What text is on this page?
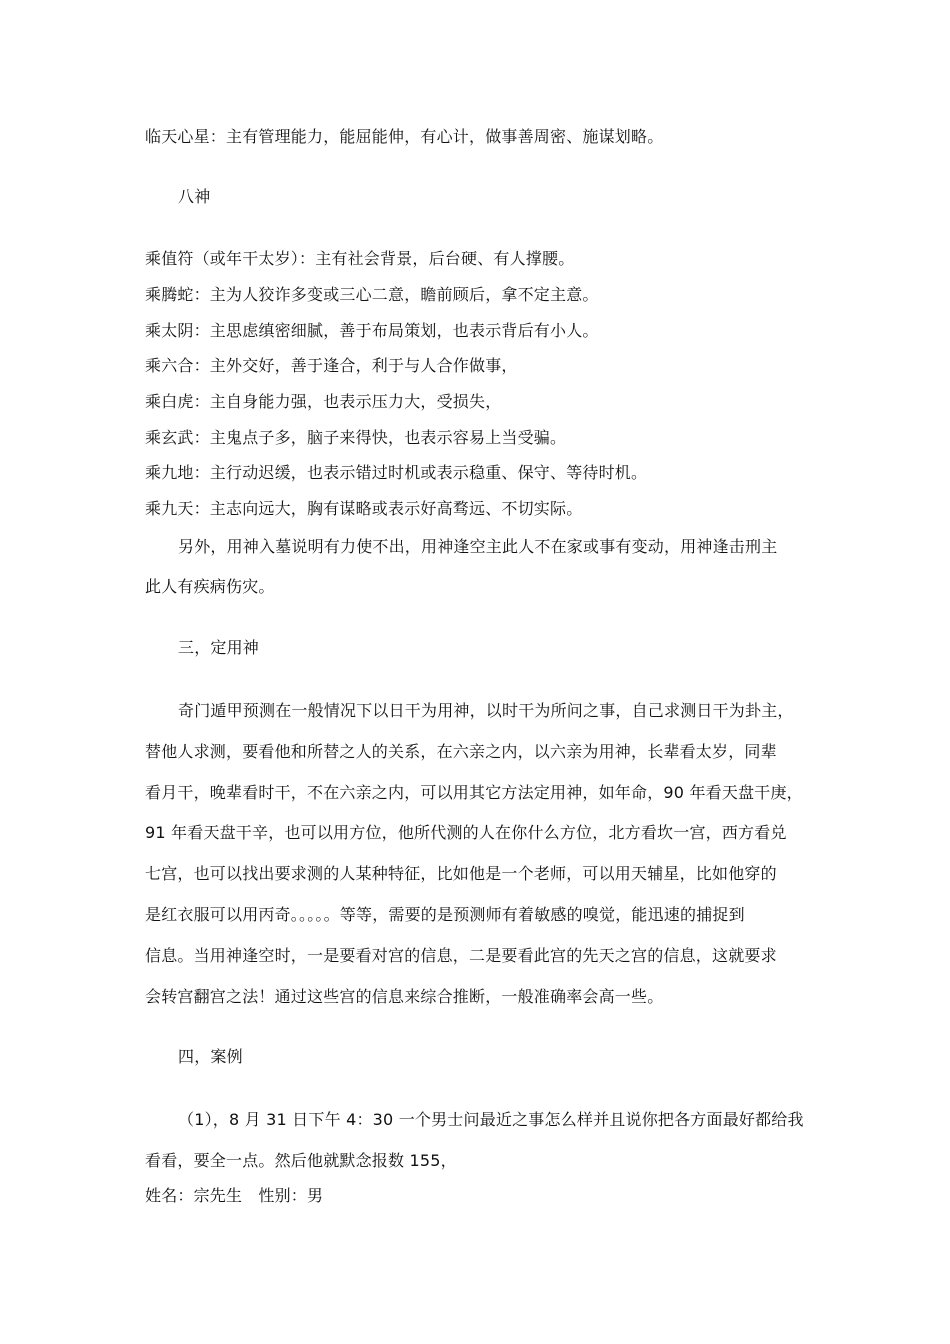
临天心星：主有管理能力，能屈能伸，有心计，做事善周密、施谋划略。
八神
乘值符（或年干太岁）：主有社会背景，后台硬、有人撑腰。
乘腾蛇：主为人狡诈多变或三心二意，瞻前顾后，拿不定主意。
乘太阴：主思虑缜密细腻，善于布局策划，也表示背后有小人。
乘六合：主外交好，善于逢合，利于与人合作做事，
乘白虎：主自身能力强，也表示压力大，受损失，
乘玄武：主鬼点子多，脑子来得快，也表示容易上当受骗。
乘九地：主行动迟缓，也表示错过时机或表示稳重、保守、等待时机。
乘九天：主志向远大，胸有谋略或表示好高骛远、不切实际。
另外，用神入墓说明有力使不出，用神逢空主此人不在家或事有变动，用神逢击刑主
此人有疾病伤灾。
三，定用神
奇门遁甲预测在一般情况下以日干为用神，以时干为所问之事，自己求测日干为卦主，
替他人求测，要看他和所替之人的关系，在六亲之内，以六亲为用神，长辈看太岁，同辈
看月干，晚辈看时干，不在六亲之内，可以用其它方法定用神，如年命，90 年看天盘干庚，
91 年看天盘干辛，也可以用方位，他所代测的人在你什么方位，北方看坎一宫，西方看兑
七宫，也可以找出要求测的人某种特征，比如他是一个老师，可以用天辅星，比如他穿的
是红衣服可以用丙奇。。。。。等等，需要的是预测师有着敏感的嗅觉，能迅速的捕捉到
信息。当用神逢空时，一是要看对宫的信息，二是要看此宫的先天之宫的信息，这就要求
会转宫翻宫之法！通过这些宫的信息来综合推断，一般准确率会高一些。
四，案例
（1），8 月 31 日下午 4：30 一个男士问最近之事怎么样并且说你把各方面最好都给我
看看，要全一点。然后他就默念报数 155，
姓名：宗先生　性别：男
